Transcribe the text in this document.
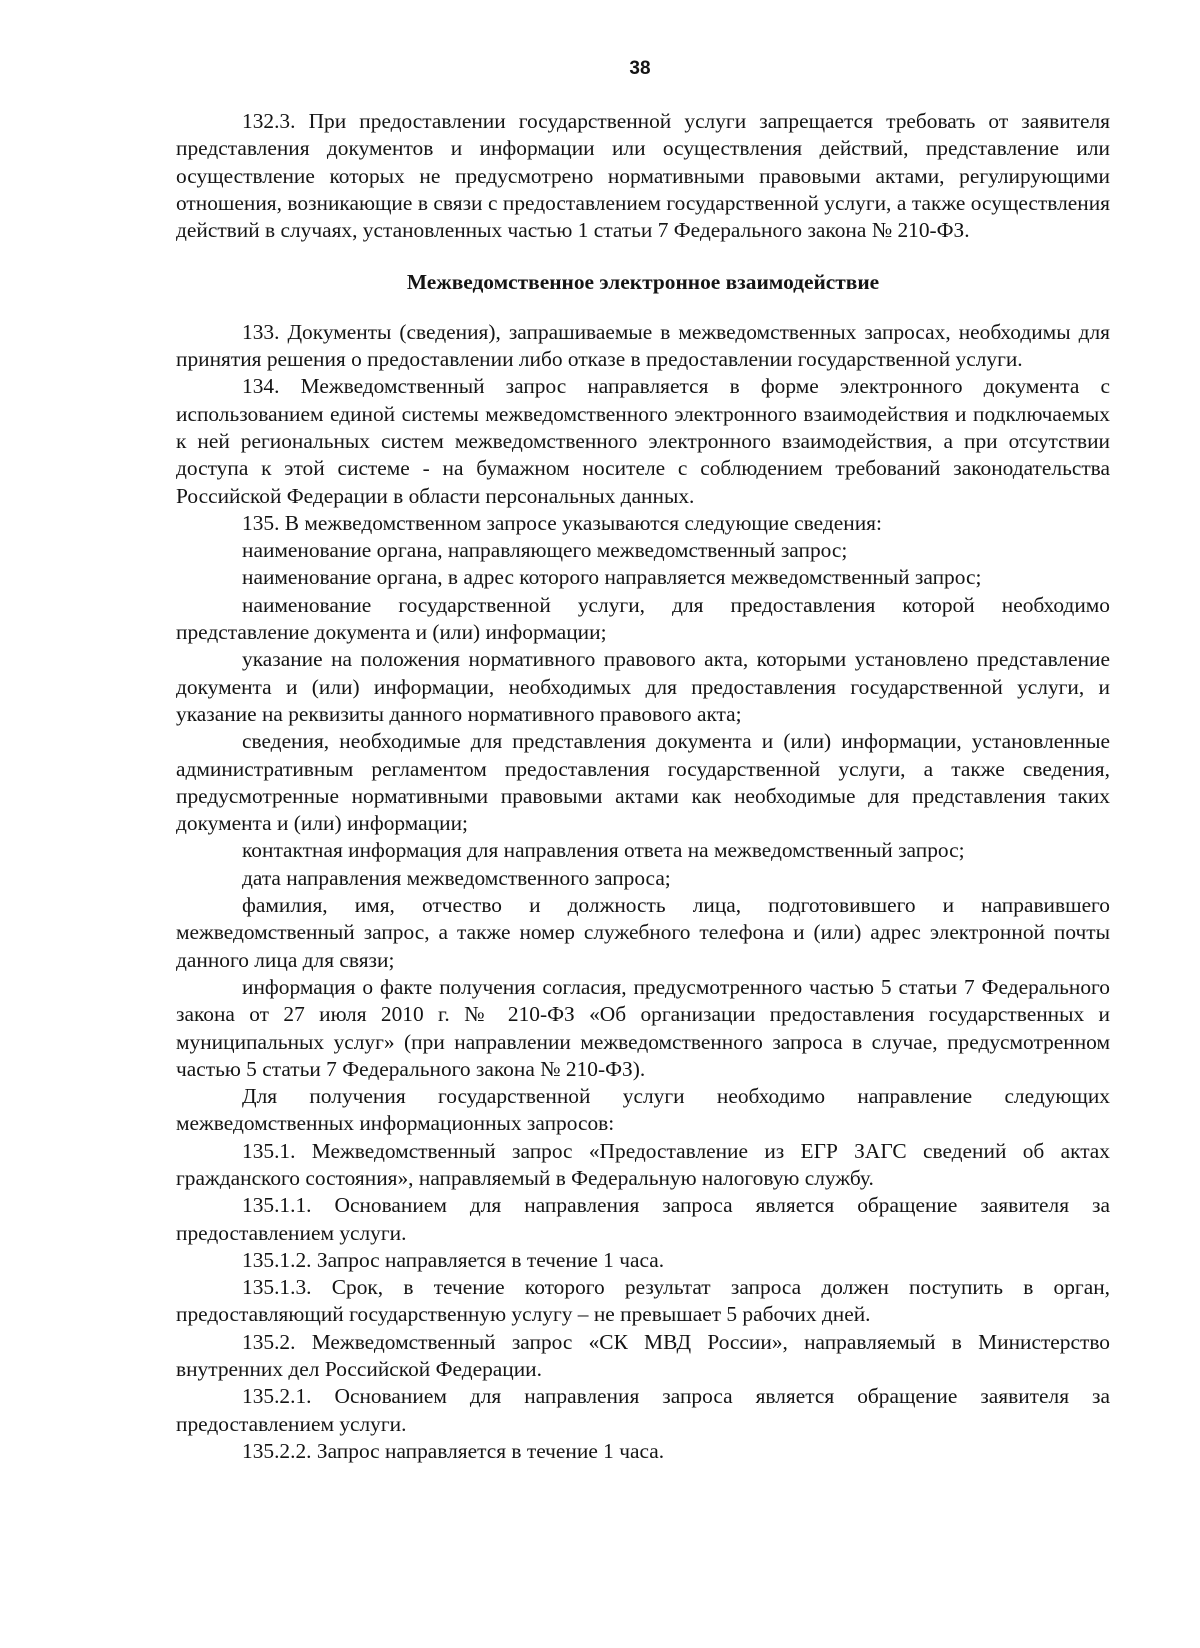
38

132.3. При предоставлении государственной услуги запрещается требовать от заявителя представления документов и информации или осуществления действий, представление или осуществление которых не предусмотрено нормативными правовыми актами, регулирующими отношения, возникающие в связи с предоставлением государственной услуги, а также осуществления действий в случаях, установленных частью 1 статьи 7 Федерального закона № 210-ФЗ.

Межведомственное электронное взаимодействие

133. Документы (сведения), запрашиваемые в межведомственных запросах, необходимы для принятия решения о предоставлении либо отказе в предоставлении государственной услуги.

134. Межведомственный запрос направляется в форме электронного документа с использованием единой системы межведомственного электронного взаимодействия и подключаемых к ней региональных систем межведомственного электронного взаимодействия, а при отсутствии доступа к этой системе - на бумажном носителе с соблюдением требований законодательства Российской Федерации в области персональных данных.

135. В межведомственном запросе указываются следующие сведения:

наименование органа, направляющего межведомственный запрос;

наименование органа, в адрес которого направляется межведомственный запрос;

наименование государственной услуги, для предоставления которой необходимо представление документа и (или) информации;

указание на положения нормативного правового акта, которыми установлено представление документа и (или) информации, необходимых для предоставления государственной услуги, и указание на реквизиты данного нормативного правового акта;

сведения, необходимые для представления документа и (или) информации, установленные административным регламентом предоставления государственной услуги, а также сведения, предусмотренные нормативными правовыми актами как необходимые для представления таких документа и (или) информации;

контактная информация для направления ответа на межведомственный запрос;

дата направления межведомственного запроса;

фамилия, имя, отчество и должность лица, подготовившего и направившего межведомственный запрос, а также номер служебного телефона и (или) адрес электронной почты данного лица для связи;

информация о факте получения согласия, предусмотренного частью 5 статьи 7 Федерального закона от 27 июля 2010 г. № 210-ФЗ «Об организации предоставления государственных и муниципальных услуг» (при направлении межведомственного запроса в случае, предусмотренном частью 5 статьи 7 Федерального закона № 210-ФЗ).

Для получения государственной услуги необходимо направление следующих межведомственных информационных запросов:

135.1. Межведомственный запрос «Предоставление из ЕГР ЗАГС сведений об актах гражданского состояния», направляемый в Федеральную налоговую службу.

135.1.1. Основанием для направления запроса является обращение заявителя за предоставлением услуги.

135.1.2. Запрос направляется в течение 1 часа.

135.1.3. Срок, в течение которого результат запроса должен поступить в орган, предоставляющий государственную услугу – не превышает 5 рабочих дней.

135.2. Межведомственный запрос «СК МВД России», направляемый в Министерство внутренних дел Российской Федерации.

135.2.1. Основанием для направления запроса является обращение заявителя за предоставлением услуги.

135.2.2. Запрос направляется в течение 1 часа.
